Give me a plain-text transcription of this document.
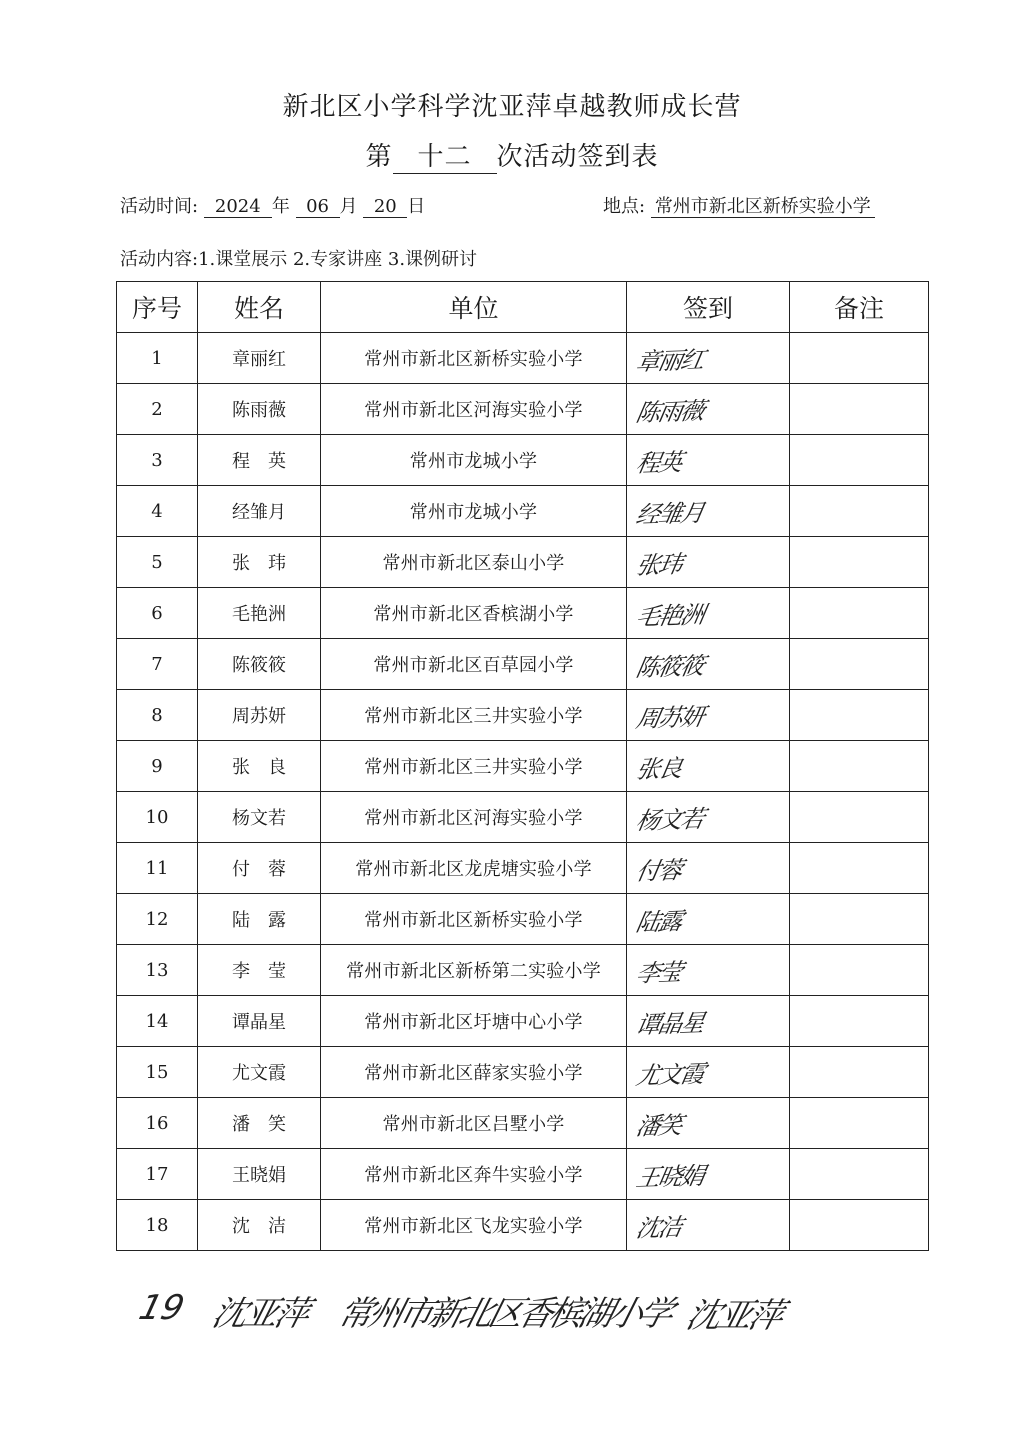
新北区小学科学沈亚萍卓越教师成长营
第 十二 次活动签到表
活动时间: 2024 年 06 月 20 日	地点: 常州市新北区新桥实验小学
活动内容:1.课堂展示 2.专家讲座 3.课例研讨
序号	姓名	单位	签到	备注
1	章丽红	常州市新北区新桥实验小学	章丽红	

2	陈雨薇	常州市新北区河海实验小学	陈雨薇	

3	程　英	常州市龙城小学	程英	

4	经雏月	常州市龙城小学	经雏月	

5	张　玮	常州市新北区泰山小学	张玮	

6	毛艳洲	常州市新北区香槟湖小学	毛艳洲	

7	陈筱筱	常州市新北区百草园小学	陈筱筱	

8	周苏妍	常州市新北区三井实验小学	周苏妍	

9	张　良	常州市新北区三井实验小学	张良	

10	杨文若	常州市新北区河海实验小学	杨文若	

11	付　蓉	常州市新北区龙虎塘实验小学	付蓉	

12	陆　露	常州市新北区新桥实验小学	陆露	

13	李　莹	常州市新北区新桥第二实验小学	李莹	

14	谭晶星	常州市新北区圩塘中心小学	谭晶星	

15	尤文霞	常州市新北区薛家实验小学	尤文霞	

16	潘　笑	常州市新北区吕墅小学	潘笑	

17	王晓娟	常州市新北区奔牛实验小学	王晓娟	

18	沈　洁	常州市新北区飞龙实验小学	沈洁	

19 沈亚萍 常州市新北区香槟湖小学 沈亚萍
